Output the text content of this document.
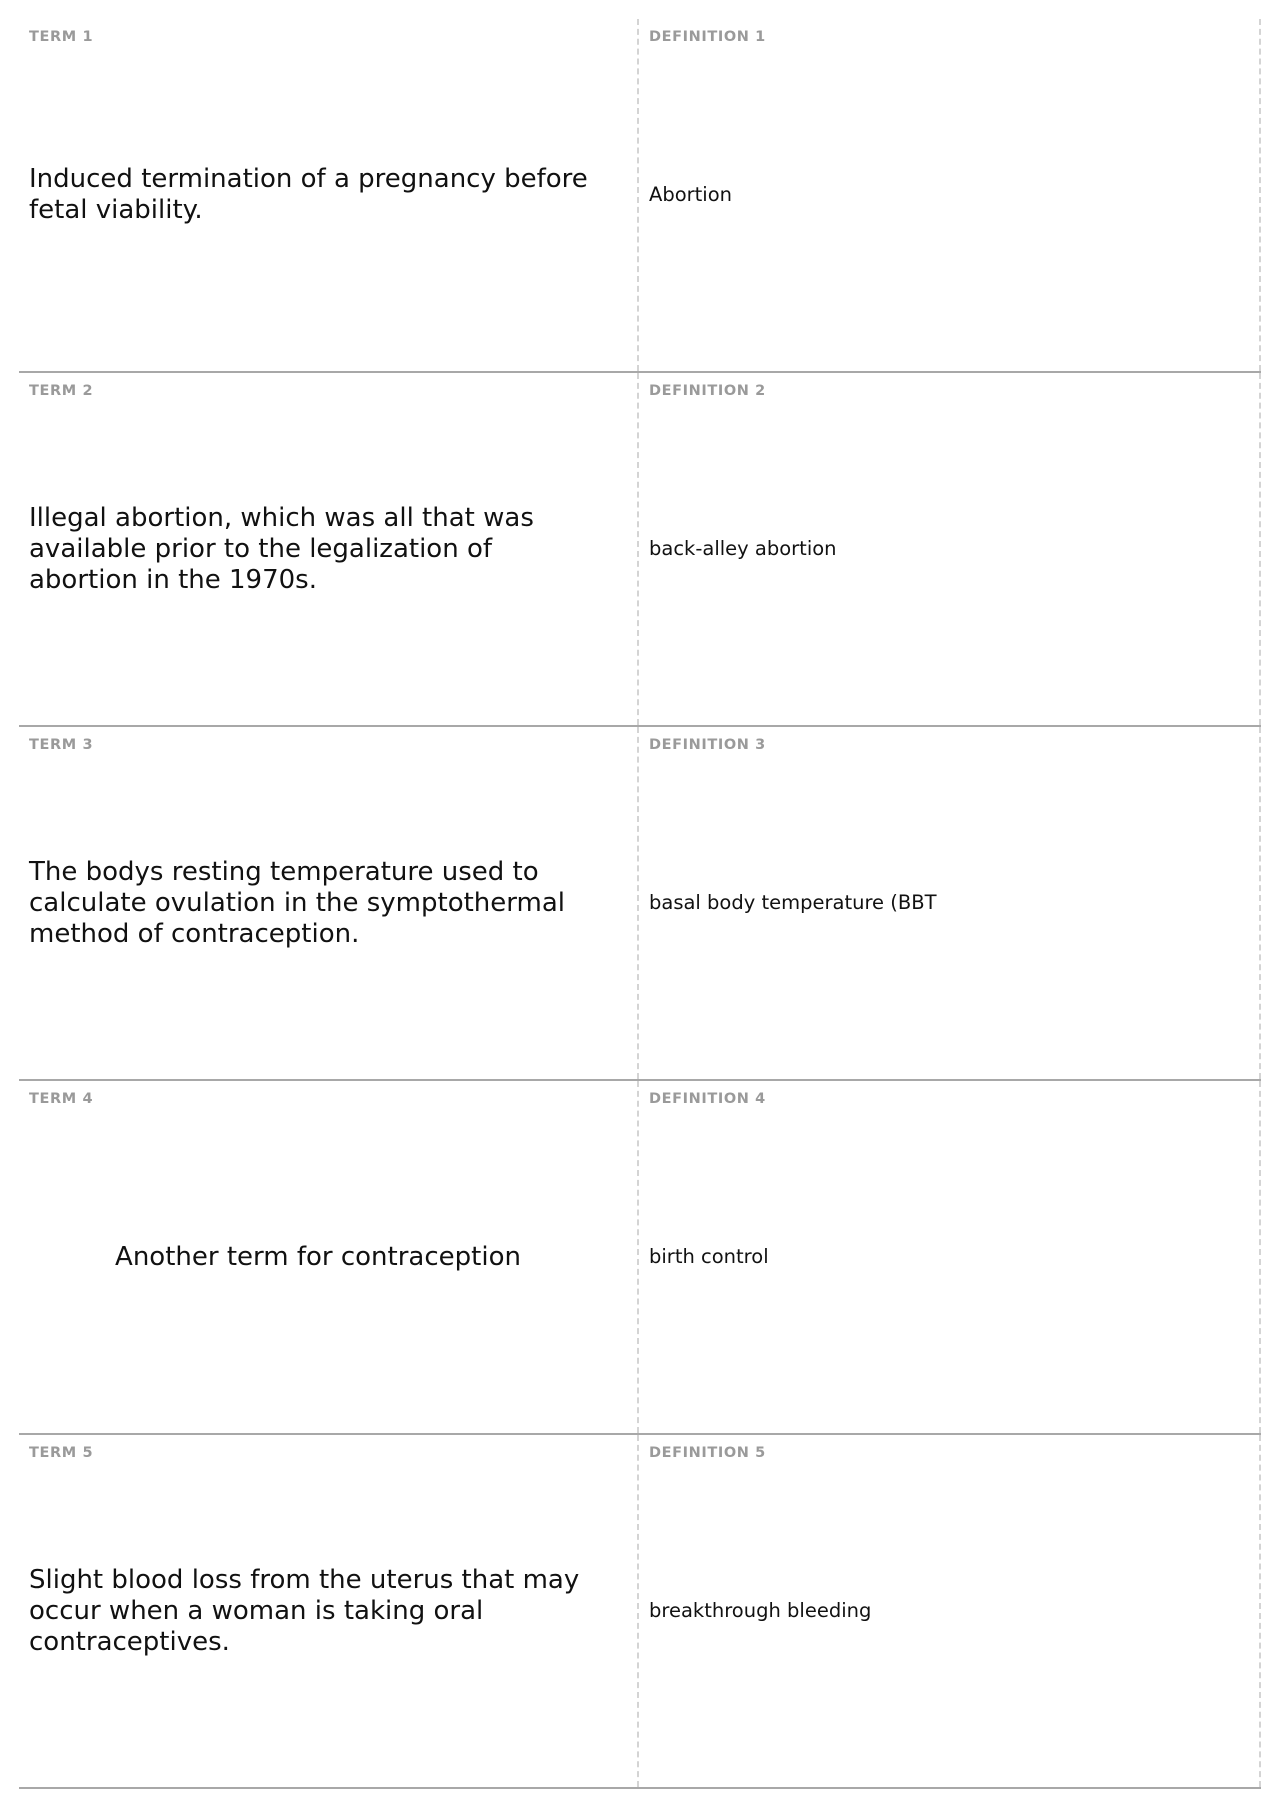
TERM 1
Induced termination of a pregnancy before fetal viability.
DEFINITION 1
Abortion
TERM 2
Illegal abortion, which was all that was available prior to the legalization of abortion in the 1970s.
DEFINITION 2
back-alley abortion
TERM 3
The bodys resting temperature used to calculate ovulation in the symptothermal method of contraception.
DEFINITION 3
basal body temperature (BBT
TERM 4
Another term for contraception
DEFINITION 4
birth control
TERM 5
Slight blood loss from the uterus that may occur when a woman is taking oral contraceptives.
DEFINITION 5
breakthrough bleeding
